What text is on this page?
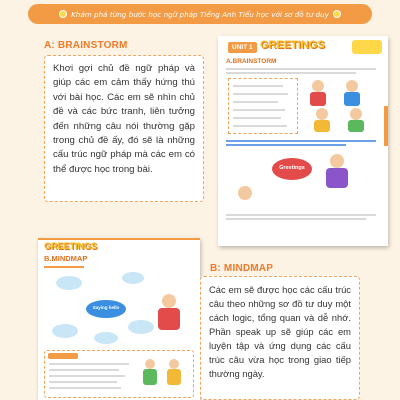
Khám phá từng bước học ngữ pháp Tiếng Anh Tiểu học với sơ đồ tư duy
A: BRAINSTORM
Khơi gợi chủ đề ngữ pháp và giúp các em cảm thấy hứng thú với bài học. Các em sẽ nhìn chủ đề và các bức tranh, liên tưởng đến những câu nói thường gặp trong chủ đề ấy, đó sẽ là những cấu trúc ngữ pháp mà các em có thể được học trong bài.
UNIT 1 GREETINGS
A.BRAINSTORM
Greetings
GREETINGS
B.MINDMAP
Saying hello
B: MINDMAP
Các em sẽ được học các cấu trúc câu theo những sơ đồ tư duy một cách logic, tổng quan và dễ nhớ. Phần speak up sẽ giúp các em luyện tập và ứng dụng các cấu trúc câu vừa học trong giao tiếp thường ngày.
